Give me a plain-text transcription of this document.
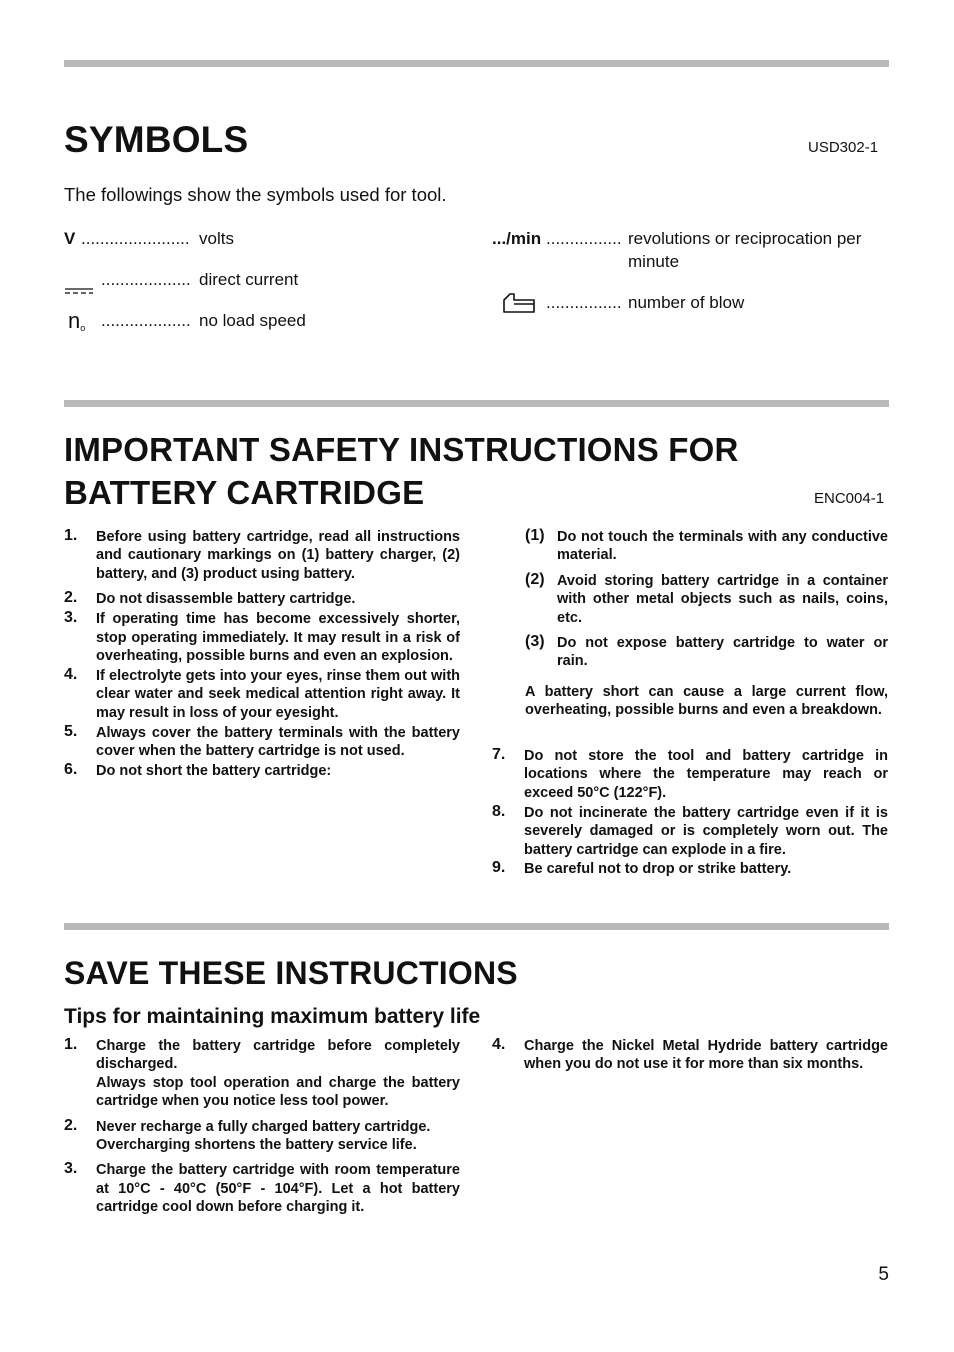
SYMBOLS	USD302-1
The followings show the symbols used for tool.
V ....................... volts
................... direct current
no ................... no load speed
.../min ................ revolutions or reciprocation per minute
................ number of blow
IMPORTANT SAFETY INSTRUCTIONS FOR
BATTERY CARTRIDGE	ENC004-1
1. Before using battery cartridge, read all instructions and cautionary markings on (1) battery charger, (2) battery, and (3) product using battery.
2. Do not disassemble battery cartridge.
3. If operating time has become excessively shorter, stop operating immediately. It may result in a risk of overheating, possible burns and even an explosion.
4. If electrolyte gets into your eyes, rinse them out with clear water and seek medical attention right away. It may result in loss of your eyesight.
5. Always cover the battery terminals with the battery cover when the battery cartridge is not used.
6. Do not short the battery cartridge:
(1) Do not touch the terminals with any conductive material.
(2) Avoid storing battery cartridge in a container with other metal objects such as nails, coins, etc.
(3) Do not expose battery cartridge to water or rain.
A battery short can cause a large current flow, overheating, possible burns and even a breakdown.
7. Do not store the tool and battery cartridge in locations where the temperature may reach or exceed 50°C (122°F).
8. Do not incinerate the battery cartridge even if it is severely damaged or is completely worn out. The battery cartridge can explode in a fire.
9. Be careful not to drop or strike battery.
SAVE THESE INSTRUCTIONS
Tips for maintaining maximum battery life
1. Charge the battery cartridge before completely discharged.
Always stop tool operation and charge the battery cartridge when you notice less tool power.
2. Never recharge a fully charged battery cartridge.
Overcharging shortens the battery service life.
3. Charge the battery cartridge with room temperature at 10°C - 40°C (50°F - 104°F). Let a hot battery cartridge cool down before charging it.
4. Charge the Nickel Metal Hydride battery cartridge when you do not use it for more than six months.
5
